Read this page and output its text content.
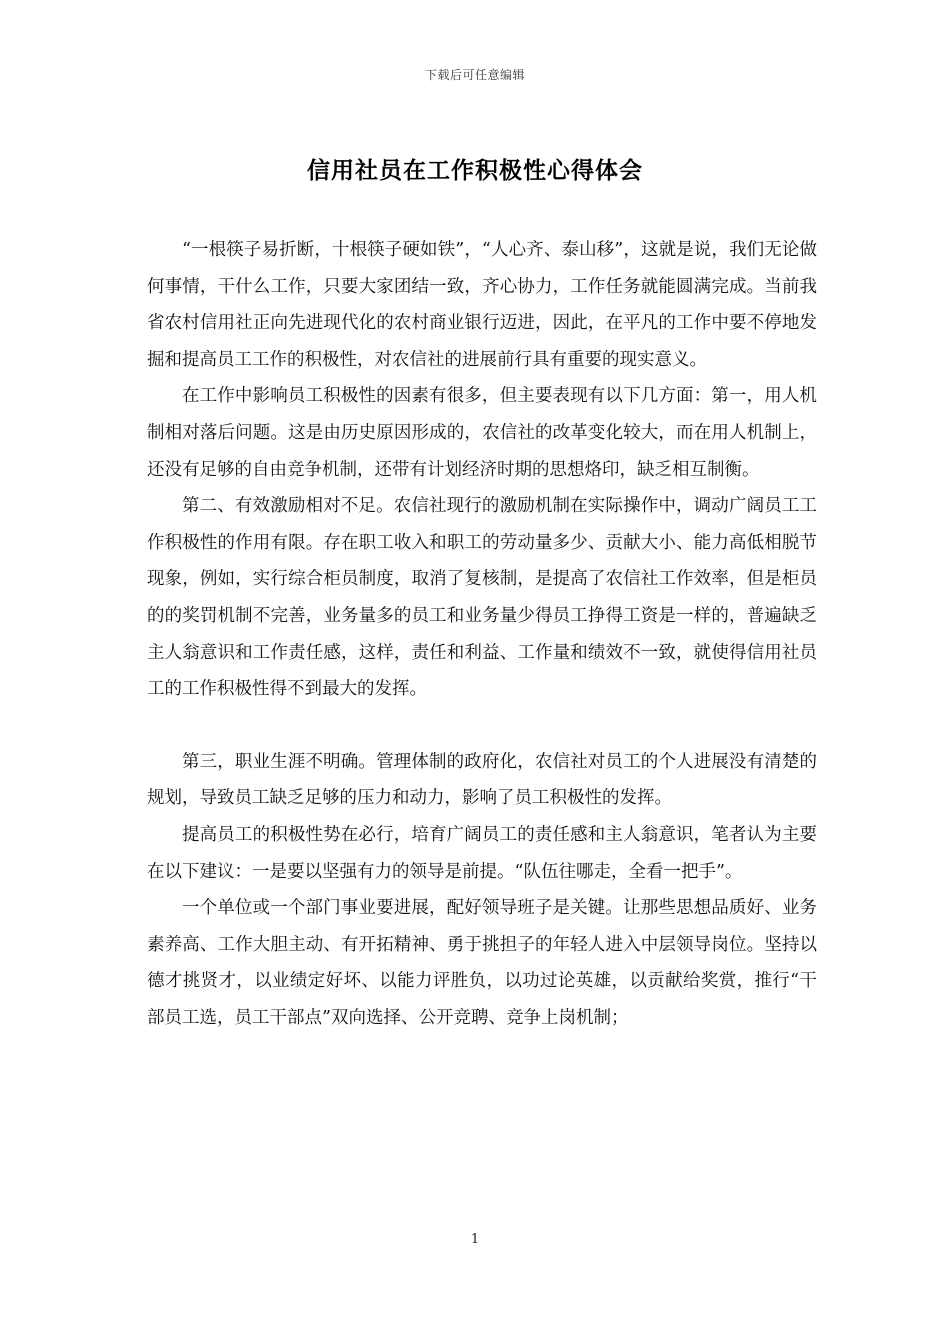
下载后可任意编辑
信用社员在工作积极性心得体会

“一根筷子易折断，十根筷子硬如铁”，“人心齐、泰山移”，这就是说，我们无论做何事情，干什么工作，只要大家团结一致，齐心协力，工作任务就能圆满完成。当前我省农村信用社正向先进现代化的农村商业银行迈进，因此，在平凡的工作中要不停地发掘和提高员工工作的积极性，对农信社的进展前行具有重要的现实意义。

在工作中影响员工积极性的因素有很多，但主要表现有以下几方面：第一，用人机制相对落后问题。这是由历史原因形成的，农信社的改革变化较大，而在用人机制上，还没有足够的自由竞争机制，还带有计划经济时期的思想烙印，缺乏相互制衡。

第二、有效激励相对不足。农信社现行的激励机制在实际操作中，调动广阔员工工作积极性的作用有限。存在职工收入和职工的劳动量多少、贡献大小、能力高低相脱节现象，例如，实行综合柜员制度，取消了复核制，是提高了农信社工作效率，但是柜员的的奖罚机制不完善，业务量多的员工和业务量少得员工挣得工资是一样的，普遍缺乏主人翁意识和工作责任感，这样，责任和利益、工作量和绩效不一致，就使得信用社员工的工作积极性得不到最大的发挥。

第三，职业生涯不明确。管理体制的政府化，农信社对员工的个人进展没有清楚的规划，导致员工缺乏足够的压力和动力，影响了员工积极性的发挥。

提高员工的积极性势在必行，培育广阔员工的责任感和主人翁意识，笔者认为主要在以下建议：一是要以坚强有力的领导是前提。“队伍往哪走，全看一把手”。

一个单位或一个部门事业要进展，配好领导班子是关键。让那些思想品质好、业务素养高、工作大胆主动、有开拓精神、勇于挑担子的年轻人进入中层领导岗位。坚持以德才挑贤才，以业绩定好坏、以能力评胜负，以功过论英雄，以贡献给奖赏，推行“干部员工选，员工干部点”双向选择、公开竞聘、竞争上岗机制；

1
